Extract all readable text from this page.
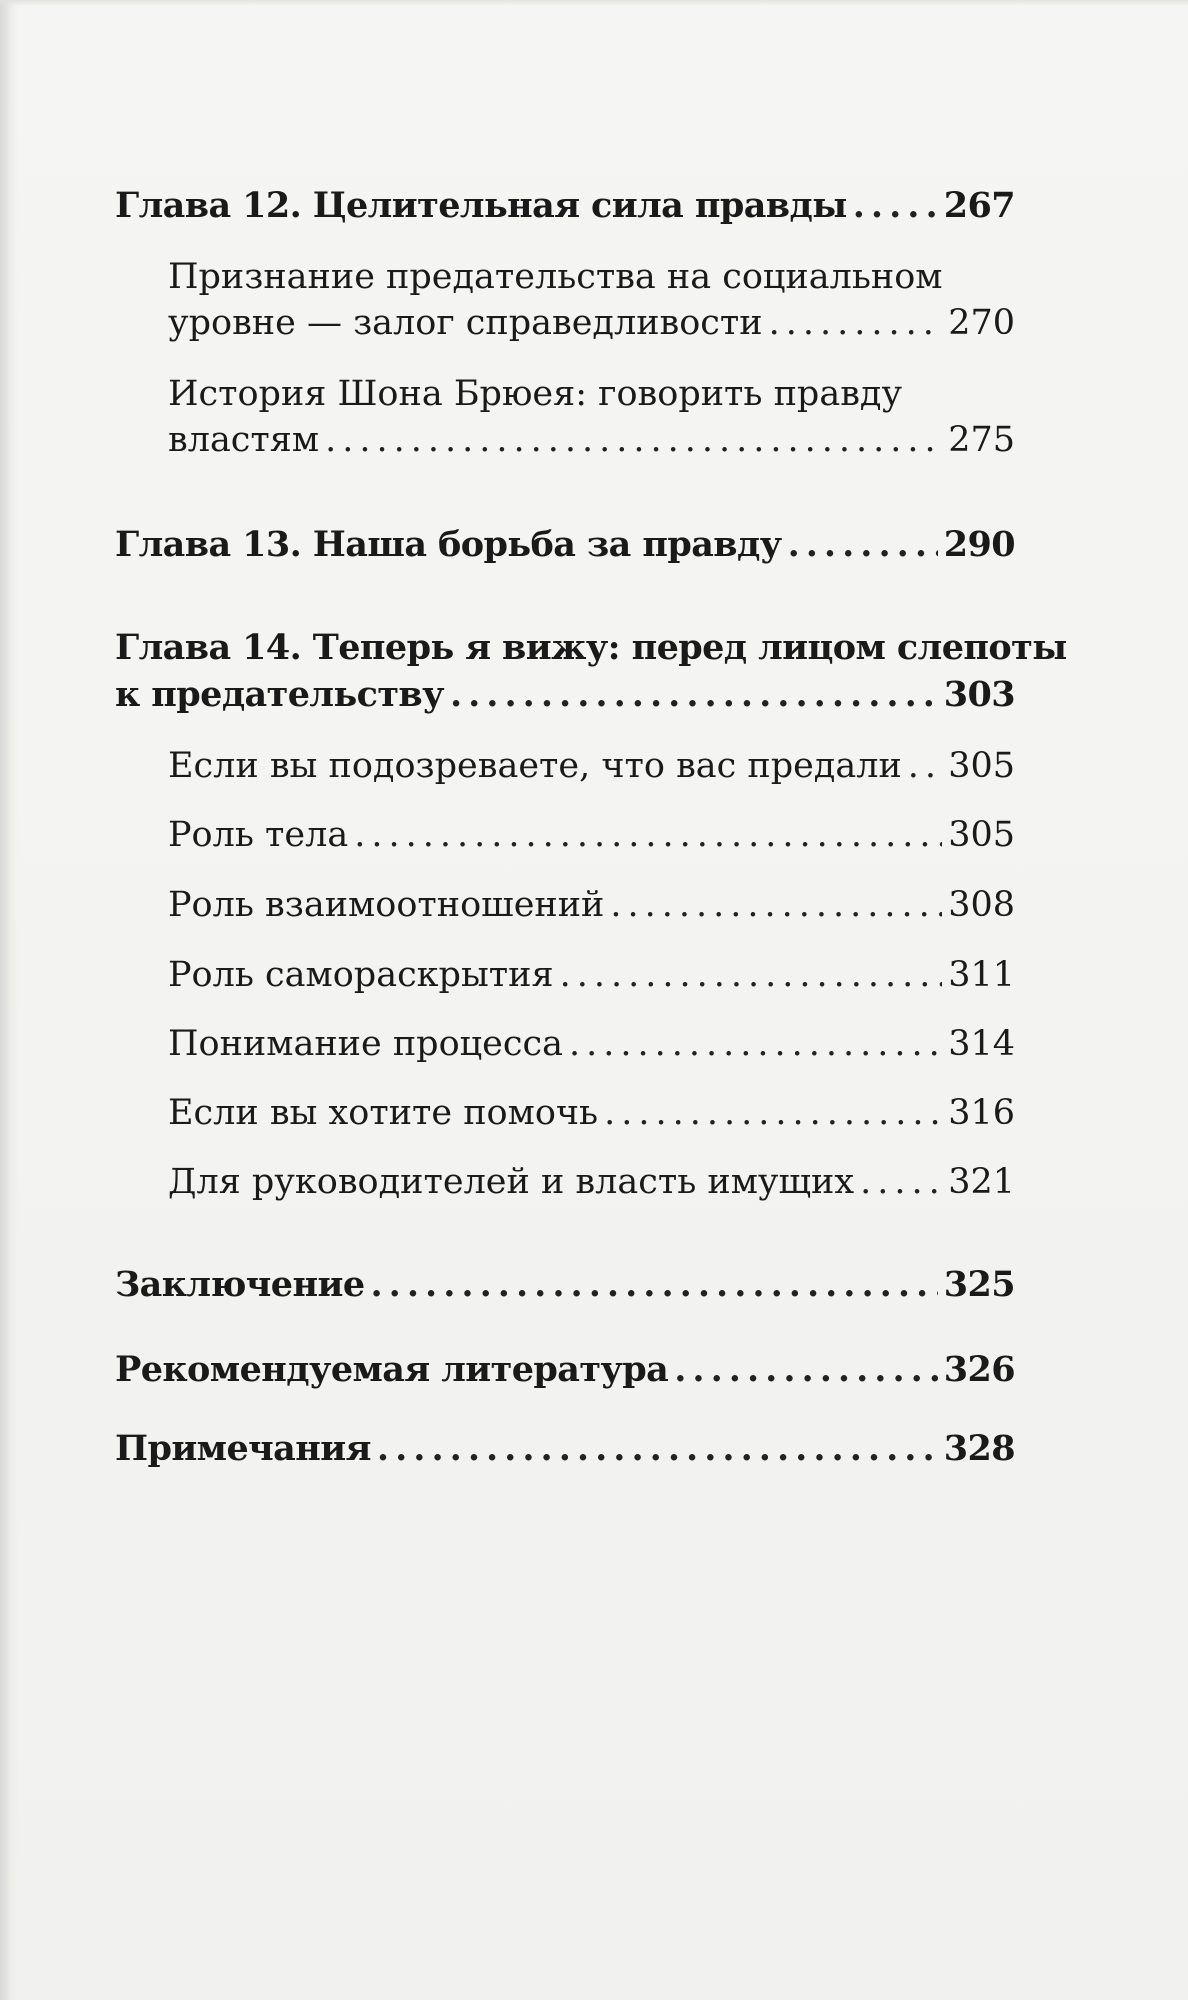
Глава 12. Целительная сила правды .....	267
Признание предательства на социальном
уровне — залог справедливости .....	270
История Шона Брюея: говорить правду
властям .....	275
Глава 13. Наша борьба за правду .....	290
Глава 14. Теперь я вижу: перед лицом слепоты
к предательству .....	303
Если вы подозреваете, что вас предали ..... 305
Роль тела .....	305
Роль взаимоотношений .....	308
Роль самораскрытия .....	311
Понимание процесса .....	314
Если вы хотите помочь .....	316
Для руководителей и власть имущих .....	321
Заключение .....	325
Рекомендуемая литература .....	326
Примечания .....	328
